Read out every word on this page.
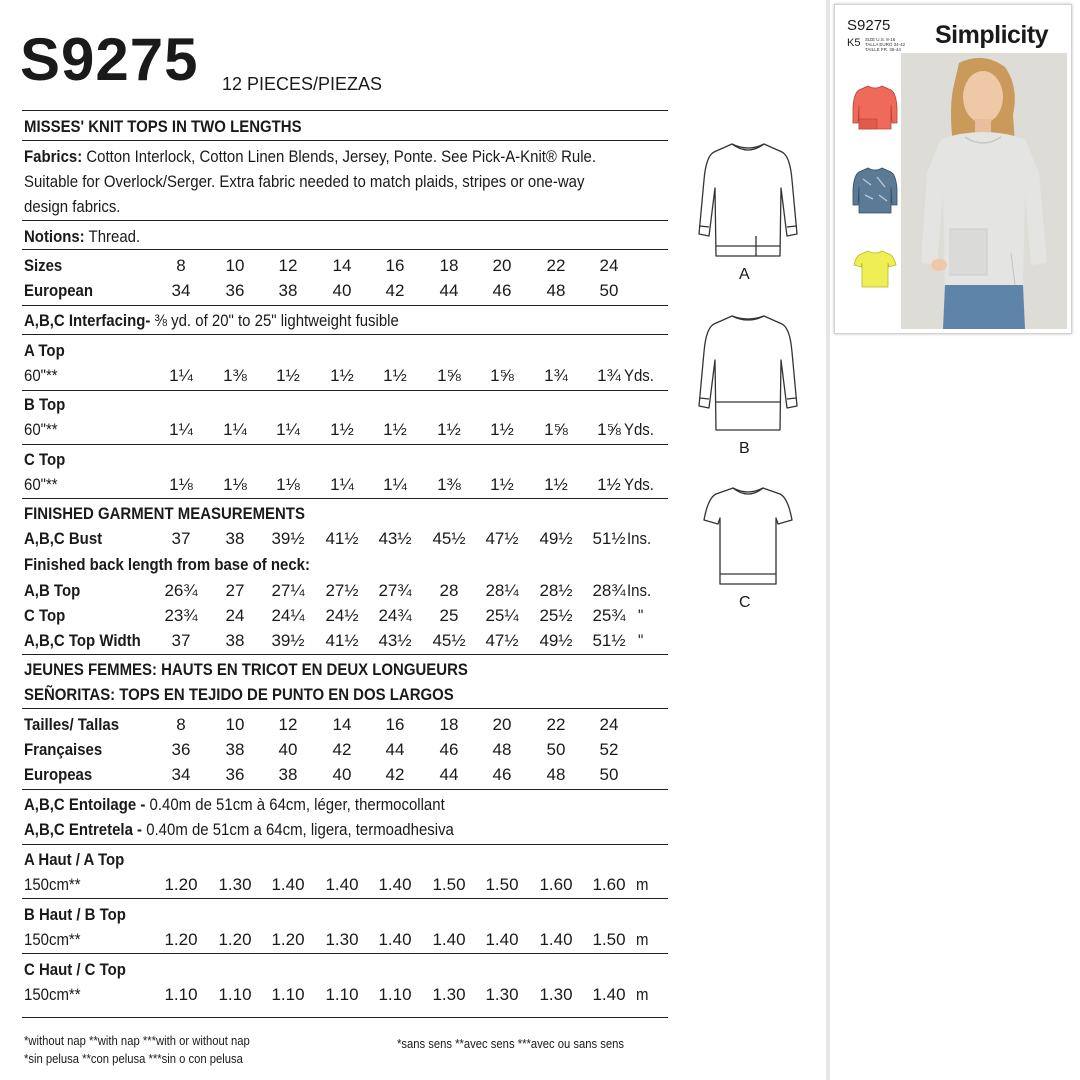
S9275 12 PIECES/PIEZAS
MISSES' KNIT TOPS IN TWO LENGTHS
Fabrics: Cotton Interlock, Cotton Linen Blends, Jersey, Ponte. See Pick-A-Knit® Rule.
Suitable for Overlock/Serger. Extra fabric needed to match plaids, stripes or one-way
design fabrics.
Notions: Thread.
Sizes	8	10	12	14	16	18	20	22	24
European	34	36	38	40	42	44	46	48	50
A,B,C Interfacing- ⅜ yd. of 20" to 25" lightweight fusible
A Top
60"**	1¼	1⅜	1½	1½	1½	1⅝	1⅝	1¾	1¾ Yds.
B Top
60"**	1¼	1¼	1¼	1½	1½	1½	1½	1⅝	1⅝ Yds.
C Top
60"**	1⅛	1⅛	1⅛	1¼	1¼	1⅜	1½	1½	1½ Yds.
FINISHED GARMENT MEASUREMENTS
A,B,C Bust	37	38	39½	41½	43½	45½	47½	49½	51½ Ins.
Finished back length from base of neck:
A,B Top	26¾	27	27¼	27½	27¾	28	28¼	28½	28¾ Ins.
C Top	23¾	24	24¼	24½	24¾	25	25¼	25½	25¾ "
A,B,C Top Width	37	38	39½	41½	43½	45½	47½	49½	51½ "
JEUNES FEMMES: HAUTS EN TRICOT EN DEUX LONGUEURS
SEÑORITAS: TOPS EN TEJIDO DE PUNTO EN DOS LARGOS
Tailles/ Tallas	8	10	12	14	16	18	20	22	24
Françaises	36	38	40	42	44	46	48	50	52
Europeas	34	36	38	40	42	44	46	48	50
A,B,C Entoilage - 0.40m de 51cm à 64cm, léger, thermocollant
A,B,C Entretela - 0.40m de 51cm a 64cm, ligera, termoadhesiva
A Haut / A Top
150cm**	1.20	1.30	1.40	1.40	1.40	1.50	1.50	1.60	1.60 m
B Haut / B Top
150cm**	1.20	1.20	1.20	1.30	1.40	1.40	1.40	1.40	1.50 m
C Haut / C Top
150cm**	1.10	1.10	1.10	1.10	1.10	1.30	1.30	1.30	1.40 m
*without nap **with nap ***with or without nap
*sin pelusa **con pelusa ***sin o con pelusa
*sans sens **avec sens ***avec ou sans sens
A
B
C
S9275
K5 SIZE U.S. 8-16
TALLA EURO 34-42
TAILLE FR. 36-44
Simplicity
